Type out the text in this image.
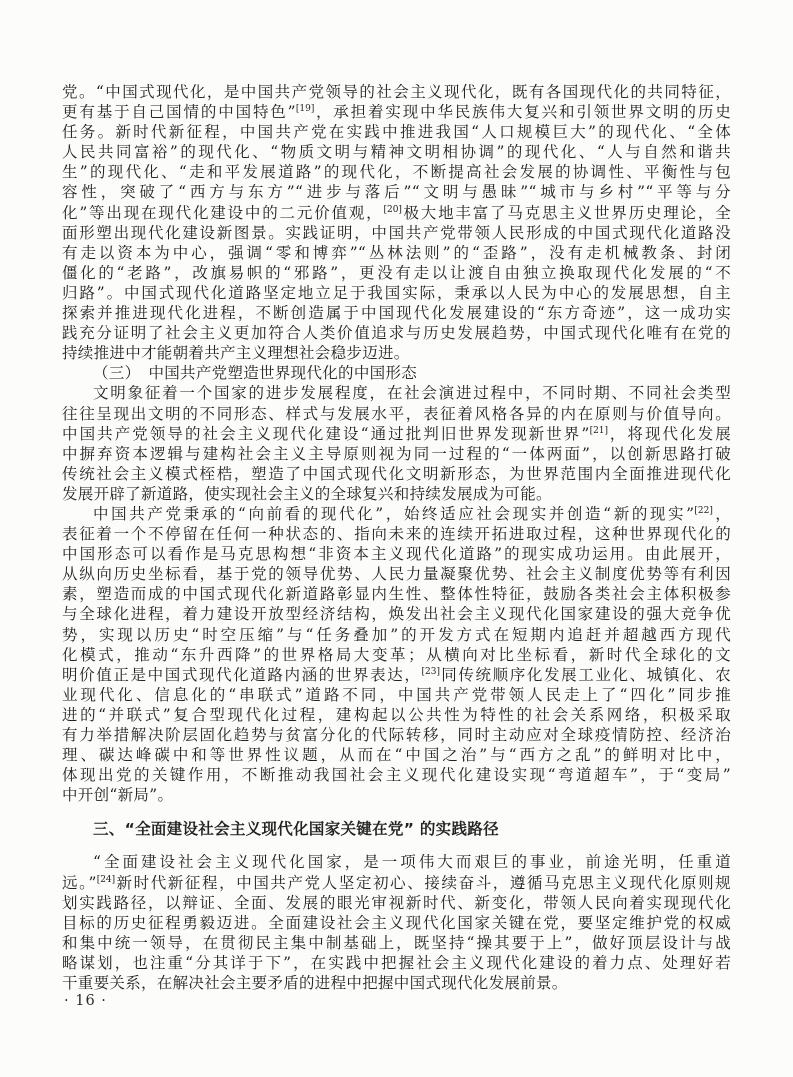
党。“中国式现代化，是中国共产党领导的社会主义现代化，既有各国现代化的共同特征，
更有基于自己国情的中国特色”[19]，承担着实现中华民族伟大复兴和引领世界文明的历史
任务。新时代新征程，中国共产党在实践中推进我国“人口规模巨大”的现代化、“全体
人民共同富裕”的现代化、“物质文明与精神文明相协调”的现代化、“人与自然和谐共
生”的现代化、“走和平发展道路”的现代化，不断提高社会发展的协调性、平衡性与包
容性，突破了“西方与东方”“进步与落后”“文明与愚昧”“城市与乡村”“平等与分
化”等出现在现代化建设中的二元价值观，[20]极大地丰富了马克思主义世界历史理论，全
面形塑出现代化建设新图景。实践证明，中国共产党带领人民形成的中国式现代化道路没
有走以资本为中心，强调“零和博弈”“丛林法则”的“歪路”，没有走机械教条、封闭
僵化的“老路”，改旗易帜的“邪路”，更没有走以让渡自由独立换取现代化发展的“不
归路”。中国式现代化道路坚定地立足于我国实际，秉承以人民为中心的发展思想，自主
探索并推进现代化进程，不断创造属于中国现代化发展建设的“东方奇迹”，这一成功实
践充分证明了社会主义更加符合人类价值追求与历史发展趋势，中国式现代化唯有在党的
持续推进中才能朝着共产主义理想社会稳步迈进。
（三）　中国共产党塑造世界现代化的中国形态
文明象征着一个国家的进步发展程度，在社会演进过程中，不同时期、不同社会类型
往往呈现出文明的不同形态、样式与发展水平，表征着风格各异的内在原则与价值导向。
中国共产党领导的社会主义现代化建设“通过批判旧世界发现新世界”[21]，将现代化发展
中摒弃资本逻辑与建构社会主义主导原则视为同一过程的“一体两面”，以创新思路打破
传统社会主义模式桎梏，塑造了中国式现代化文明新形态，为世界范围内全面推进现代化
发展开辟了新道路，使实现社会主义的全球复兴和持续发展成为可能。
中国共产党秉承的“向前看的现代化”，始终适应社会现实并创造“新的现实”[22]，
表征着一个不停留在任何一种状态的、指向未来的连续开拓进取过程，这种世界现代化的
中国形态可以看作是马克思构想“非资本主义现代化道路”的现实成功运用。由此展开，
从纵向历史坐标看，基于党的领导优势、人民力量凝聚优势、社会主义制度优势等有利因
素，塑造而成的中国式现代化新道路彰显内生性、整体性特征，鼓励各类社会主体积极参
与全球化进程，着力建设开放型经济结构，焕发出社会主义现代化国家建设的强大竞争优
势，实现以历史“时空压缩”与“任务叠加”的开发方式在短期内追赶并超越西方现代
化模式，推动“东升西降”的世界格局大变革；从横向对比坐标看，新时代全球化的文
明价值正是中国式现代化道路内涵的世界表达，[23]同传统顺序化发展工业化、城镇化、农
业现代化、信息化的“串联式”道路不同，中国共产党带领人民走上了“四化”同步推
进的“并联式”复合型现代化过程，建构起以公共性为特性的社会关系网络，积极采取
有力举措解决阶层固化趋势与贫富分化的代际转移，同时主动应对全球疫情防控、经济治
理、碳达峰碳中和等世界性议题，从而在“中国之治”与“西方之乱”的鲜明对比中，
体现出党的关键作用，不断推动我国社会主义现代化建设实现“弯道超车”，于“变局”
中开创“新局”。
三、“全面建设社会主义现代化国家关键在党” 的实践路径
“全面建设社会主义现代化国家，是一项伟大而艰巨的事业，前途光明，任重道
远。”[24]新时代新征程，中国共产党人坚定初心、接续奋斗，遵循马克思主义现代化原则规
划实践路径，以辩证、全面、发展的眼光审视新时代、新变化，带领人民向着实现现代化
目标的历史征程勇毅迈进。全面建设社会主义现代化国家关键在党，要坚定维护党的权威
和集中统一领导，在贯彻民主集中制基础上，既坚持“操其要于上”，做好顶层设计与战
略谋划，也注重“分其详于下”，在实践中把握社会主义现代化建设的着力点、处理好若
干重要关系，在解决社会主要矛盾的进程中把握中国式现代化发展前景。
· 16 ·
